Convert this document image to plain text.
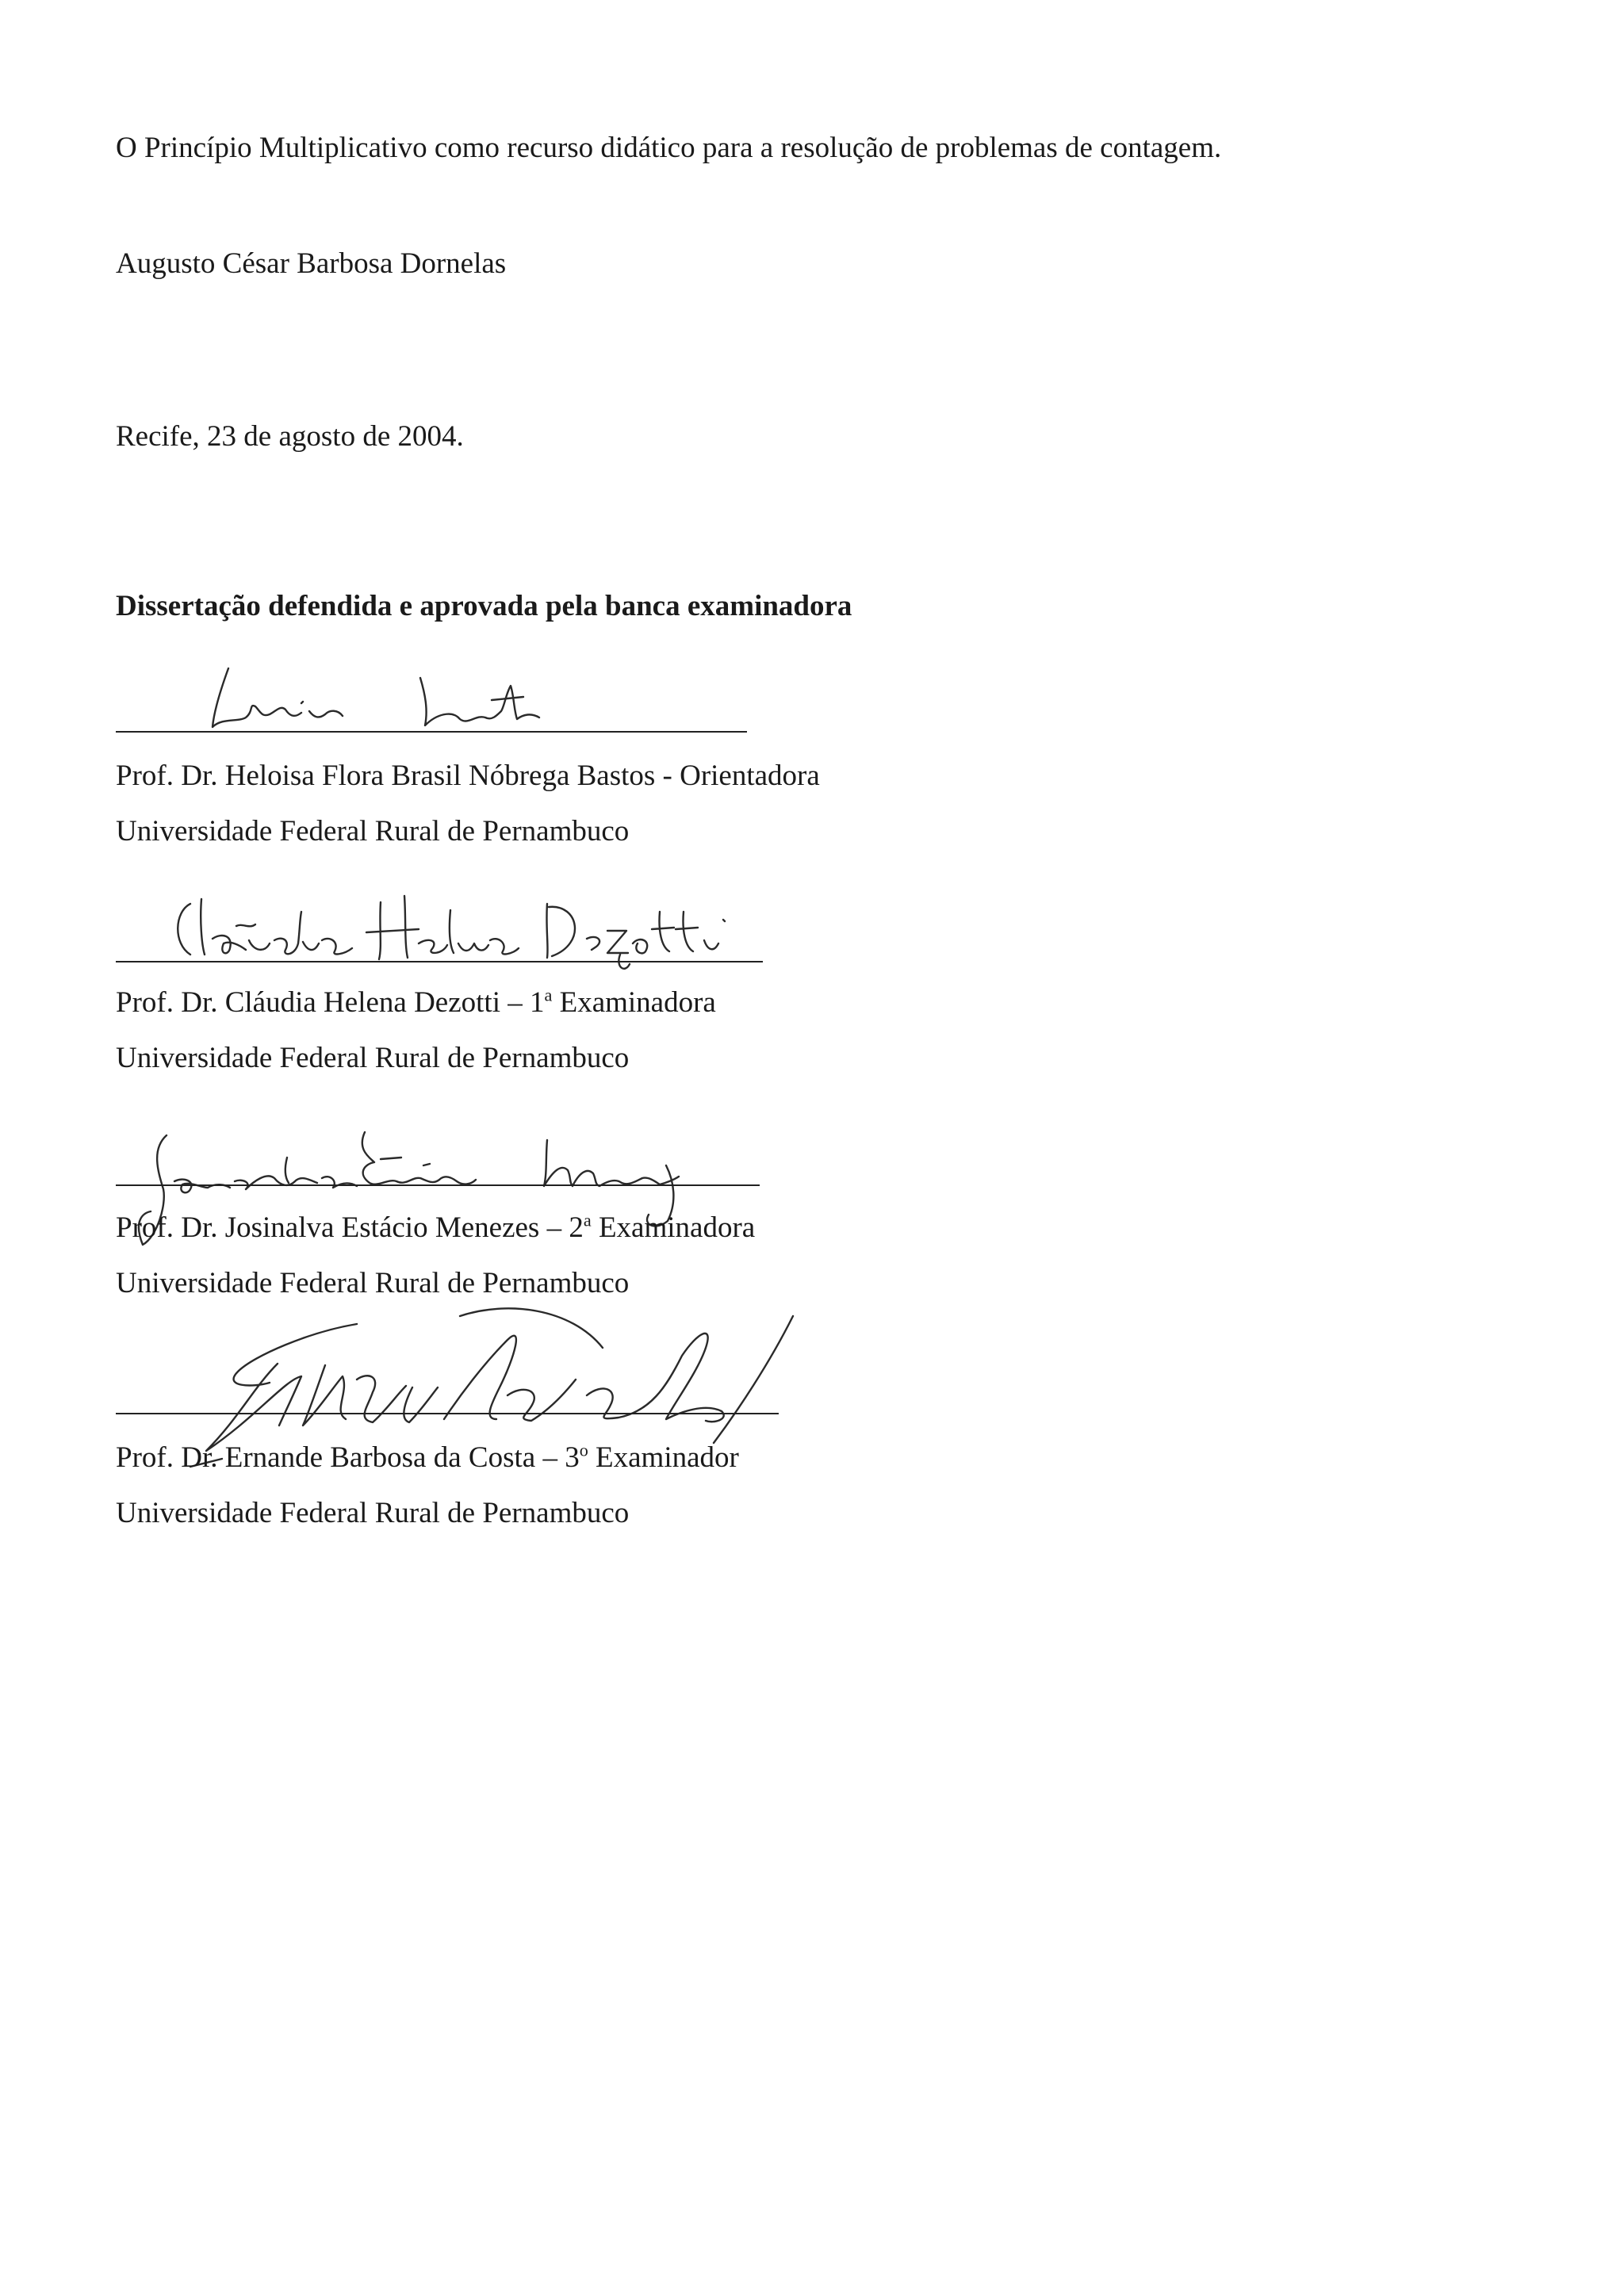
O Princípio Multiplicativo como recurso didático para a resolução de problemas de contagem.
Augusto César Barbosa Dornelas
Recife, 23 de agosto de 2004.
Dissertação defendida e aprovada pela banca examinadora
Prof. Dr. Heloisa Flora Brasil Nóbrega Bastos - Orientadora
Universidade Federal Rural de Pernambuco
Prof. Dr. Cláudia Helena Dezotti – 1$^a$ Examinadora
Universidade Federal Rural de Pernambuco
Prof. Dr. Josinalva Estácio Menezes – 2$^a$ Examinadora
Universidade Federal Rural de Pernambuco
Prof. Dr. Ernande Barbosa da Costa – 3$^o$ Examinador
Universidade Federal Rural de Pernambuco
